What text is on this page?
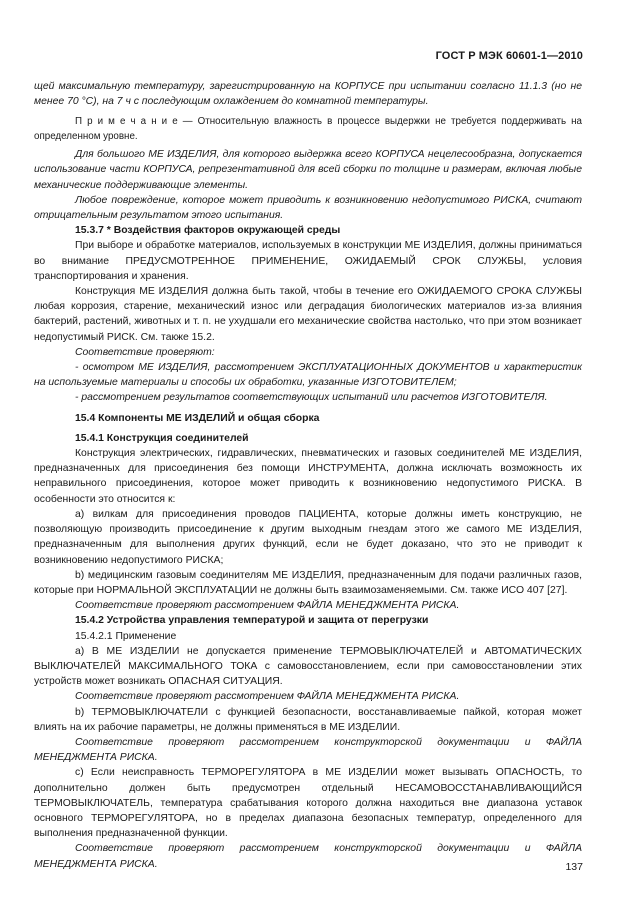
ГОСТ Р МЭК 60601-1—2010

щей максимальную температуру, зарегистрированную на КОРПУСЕ при испытании согласно 11.1.3 (но не менее 70 °С), на 7 ч с последующим охлаждением до комнатной температуры.

П р и м е ч а н и е — Относительную влажность в процессе выдержки не требуется поддерживать на определенном уровне.

Для большого МЕ ИЗДЕЛИЯ, для которого выдержка всего КОРПУСА нецелесообразна, допускается использование части КОРПУСА, репрезентативной для всей сборки по толщине и размерам, включая любые механические поддерживающие элементы.

Любое повреждение, которое может приводить к возникновению недопустимого РИСКА, считают отрицательным результатом этого испытания.

15.3.7 * Воздействия факторов окружающей среды

При выборе и обработке материалов, используемых в конструкции МЕ ИЗДЕЛИЯ, должны приниматься во внимание ПРЕДУСМОТРЕННОЕ ПРИМЕНЕНИЕ, ОЖИДАЕМЫЙ СРОК СЛУЖБЫ, условия транспортирования и хранения.

Конструкция МЕ ИЗДЕЛИЯ должна быть такой, чтобы в течение его ОЖИДАЕМОГО СРОКА СЛУЖБЫ любая коррозия, старение, механический износ или деградация биологических материалов из-за влияния бактерий, растений, животных и т. п. не ухудшали его механические свойства настолько, что при этом возникает недопустимый РИСК. См. также 15.2.

Соответствие проверяют:

- осмотром МЕ ИЗДЕЛИЯ, рассмотрением ЭКСПЛУАТАЦИОННЫХ ДОКУМЕНТОВ и характеристик на используемые материалы и способы их обработки, указанные ИЗГОТОВИТЕЛЕМ;

- рассмотрением результатов соответствующих испытаний или расчетов ИЗГОТОВИТЕЛЯ.

15.4 Компоненты МЕ ИЗДЕЛИЙ и общая сборка

15.4.1 Конструкция соединителей

Конструкция электрических, гидравлических, пневматических и газовых соединителей МЕ ИЗДЕЛИЯ, предназначенных для присоединения без помощи ИНСТРУМЕНТА, должна исключать возможность их неправильного присоединения, которое может приводить к возникновению недопустимого РИСКА. В особенности это относится к:

а) вилкам для присоединения проводов ПАЦИЕНТА, которые должны иметь конструкцию, не позволяющую производить присоединение к другим выходным гнездам этого же самого МЕ ИЗДЕЛИЯ, предназначенным для выполнения других функций, если не будет доказано, что это не приводит к возникновению недопустимого РИСКА;

b) медицинским газовым соединителям МЕ ИЗДЕЛИЯ, предназначенным для подачи различных газов, которые при НОРМАЛЬНОЙ ЭКСПЛУАТАЦИИ не должны быть взаимозаменяемыми. См. также ИСО 407 [27].

Соответствие проверяют рассмотрением ФАЙЛА МЕНЕДЖМЕНТА РИСКА.

15.4.2 Устройства управления температурой и защита от перегрузки

15.4.2.1 Применение

а) В МЕ ИЗДЕЛИИ не допускается применение ТЕРМОВЫКЛЮЧАТЕЛЕЙ и АВТОМАТИЧЕСКИХ ВЫКЛЮЧАТЕЛЕЙ МАКСИМАЛЬНОГО ТОКА с самовосстановлением, если при самовосстановлении этих устройств может возникать ОПАСНАЯ СИТУАЦИЯ.

Соответствие проверяют рассмотрением ФАЙЛА МЕНЕДЖМЕНТА РИСКА.

b) ТЕРМОВЫКЛЮЧАТЕЛИ с функцией безопасности, восстанавливаемые пайкой, которая может влиять на их рабочие параметры, не должны применяться в МЕ ИЗДЕЛИИ.

Соответствие проверяют рассмотрением конструкторской документации и ФАЙЛА МЕНЕДЖМЕНТА РИСКА.

c) Если неисправность ТЕРМОРЕГУЛЯТОРА в МЕ ИЗДЕЛИИ может вызывать ОПАСНОСТЬ, то дополнительно должен быть предусмотрен отдельный НЕСАМОВОССТАНАВЛИВАЮЩИЙСЯ ТЕРМОВЫКЛЮЧАТЕЛЬ, температура срабатывания которого должна находиться вне диапазона уставок основного ТЕРМОРЕГУЛЯТОРА, но в пределах диапазона безопасных температур, определенного для выполнения предназначенной функции.

Соответствие проверяют рассмотрением конструкторской документации и ФАЙЛА МЕНЕДЖМЕНТА РИСКА.	137
